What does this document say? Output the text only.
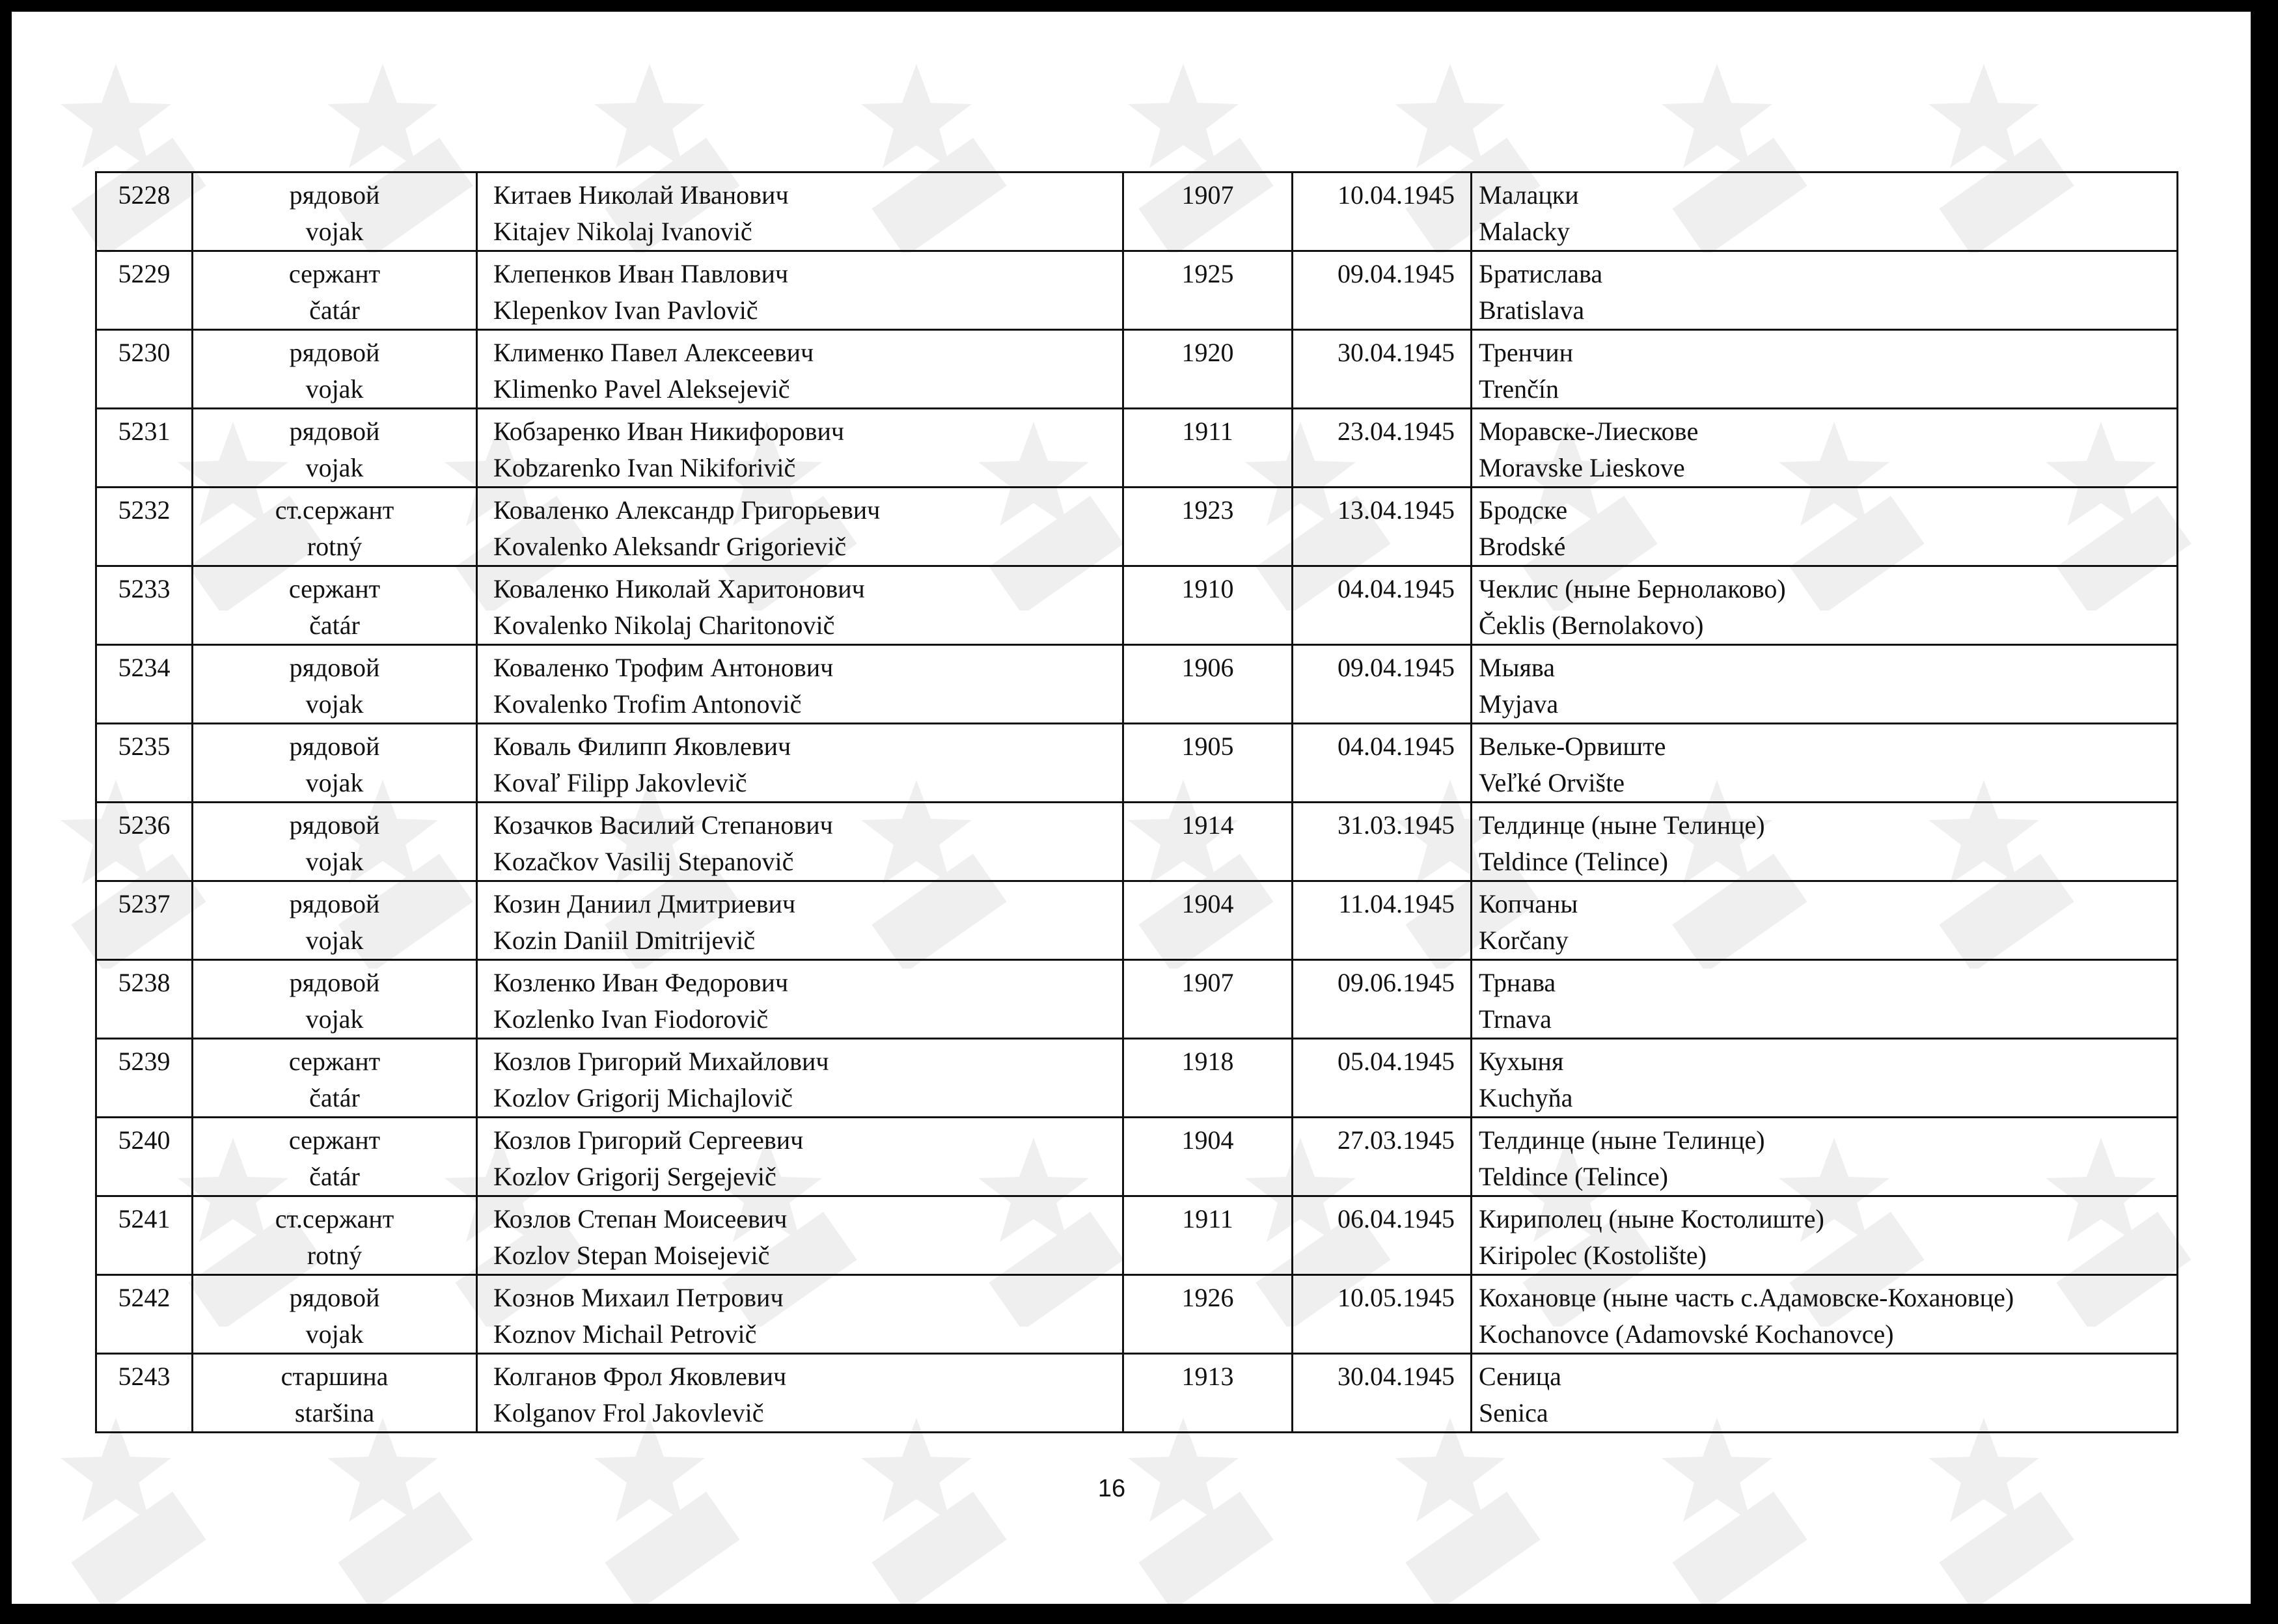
5228	рядовой
vojak	Китаев Николай Иванович
Kitajev Nikolaj Ivanovič	1907	10.04.1945	Малацки
Malacky

5229	сержант
čatár	Клепенков Иван Павлович
Klepenkov Ivan Pavlovič	1925	09.04.1945	Братислава
Bratislava

5230	рядовой
vojak	Клименко Павел Алексеевич
Klimenko Pavel Aleksejevič	1920	30.04.1945	Тренчин
Trenčín

5231	рядовой
vojak	Кобзаренко Иван Никифорович
Kobzarenko Ivan Nikiforivič	1911	23.04.1945	Моравске-Лиесковe
Moravske Lieskove

5232	ст.сержант
rotný	Коваленко Александр Григорьевич
Kovalenko Aleksandr Grigorievič	1923	13.04.1945	Бродске
Brodské

5233	сержант
čatár	Коваленко Николай Харитонович
Kovalenko Nikolaj Charitonovič	1910	04.04.1945	Чеклис (ныне Бернолаково)
Čeklis (Bernolakovo)

5234	рядовой
vojak	Коваленко Трофим Антонович
Kovalenko Trofim Antonovič	1906	09.04.1945	Мыява
Myjava

5235	рядовой
vojak	Коваль Филипп Яковлевич
Kovaľ Filipp Jakovlevič	1905	04.04.1945	Вельке-Орвиште
Veľké Orvište

5236	рядовой
vojak	Козачков Василий Степанович
Kozačkov Vasilij Stepanovič	1914	31.03.1945	Телдинце (ныне Телинце)
Teldince (Telince)

5237	рядовой
vojak	Козин Даниил Дмитриевич
Kozin Daniil Dmitrijevič	1904	11.04.1945	Копчаны
Korčany

5238	рядовой
vojak	Козленко Иван Федорович
Kozlenko Ivan Fiodorovič	1907	09.06.1945	Трнава
Trnava

5239	сержант
čatár	Козлов Григорий Михайлович
Kozlov Grigorij Michajlovič	1918	05.04.1945	Кухыня
Kuchyňa

5240	сержант
čatár	Козлов Григорий Сергеевич
Kozlov Grigorij Sergejevič	1904	27.03.1945	Телдинце (ныне Телинце)
Teldince (Telince)

5241	ст.сержант
rotný	Козлов Степан Моисеевич
Kozlov Stepan Moisejevič	1911	06.04.1945	Кириполец (ныне Костолиште)
Kiripolec (Kostolište)

5242	рядовой
vojak	Koзнов Михаил Петрович
Koznov Michail Petrovič	1926	10.05.1945	Кохановце (ныне часть с.Адамовске-Кохановце)
Kochanovce (Adamovské Kochanovce)

5243	старшина
staršina	Колганов Фрол Яковлевич
Kolganov Frol Jakovlevič	1913	30.04.1945	Сеница
Senica
16
